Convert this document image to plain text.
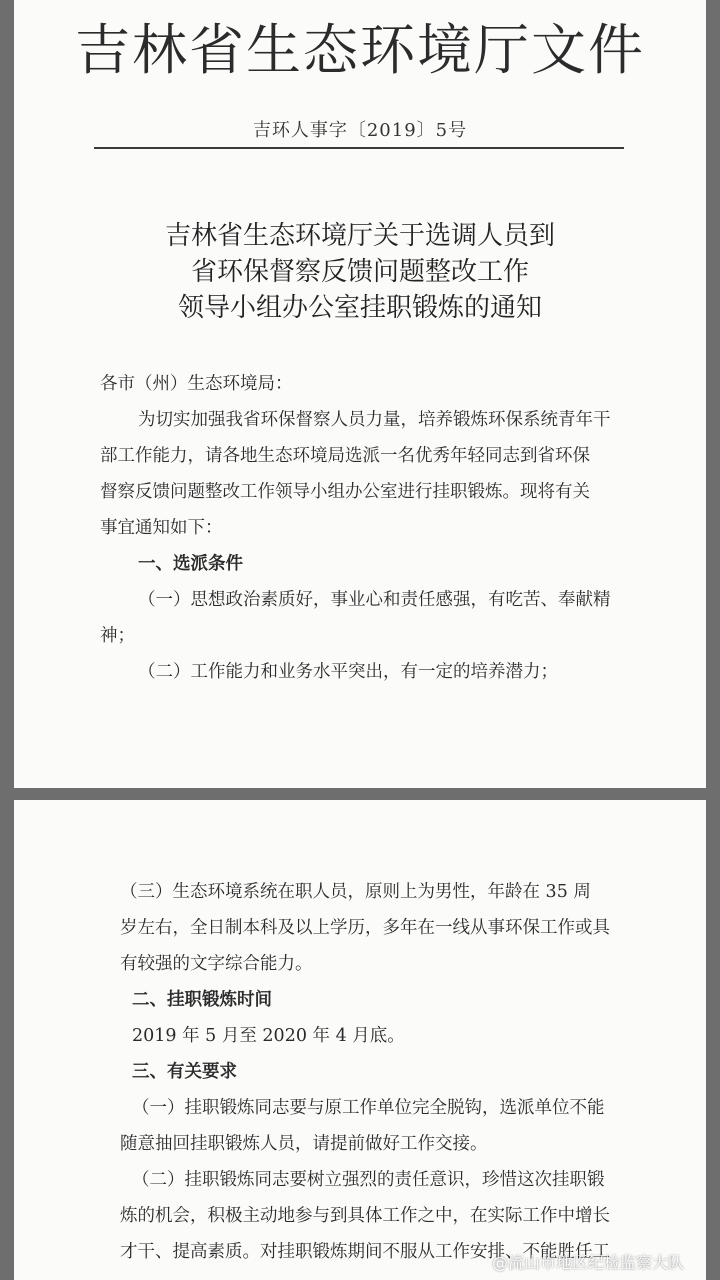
吉林省生态环境厅文件
吉环人事字〔2019〕5号
吉林省生态环境厅关于选调人员到
省环保督察反馈问题整改工作
领导小组办公室挂职锻炼的通知
各市（州）生态环境局：
为切实加强我省环保督察人员力量，培养锻炼环保系统青年干
部工作能力，请各地生态环境局选派一名优秀年轻同志到省环保
督察反馈问题整改工作领导小组办公室进行挂职锻炼。现将有关
事宜通知如下：
一、选派条件
（一）思想政治素质好，事业心和责任感强，有吃苦、奉献精
神；
（二）工作能力和业务水平突出，有一定的培养潜力；
（三）生态环境系统在职人员，原则上为男性，年龄在 35 周
岁左右，全日制本科及以上学历，多年在一线从事环保工作或具
有较强的文字综合能力。
二、挂职锻炼时间
2019 年 5 月至 2020 年 4 月底。
三、有关要求
（一）挂职锻炼同志要与原工作单位完全脱钩，选派单位不能
随意抽回挂职锻炼人员，请提前做好工作交接。
（二）挂职锻炼同志要树立强烈的责任意识，珍惜这次挂职锻
炼的机会，积极主动地参与到具体工作之中，在实际工作中增长
才干、提高素质。对挂职锻炼期间不服从工作安排、不能胜任工
@流山市地区纪检监察大队
